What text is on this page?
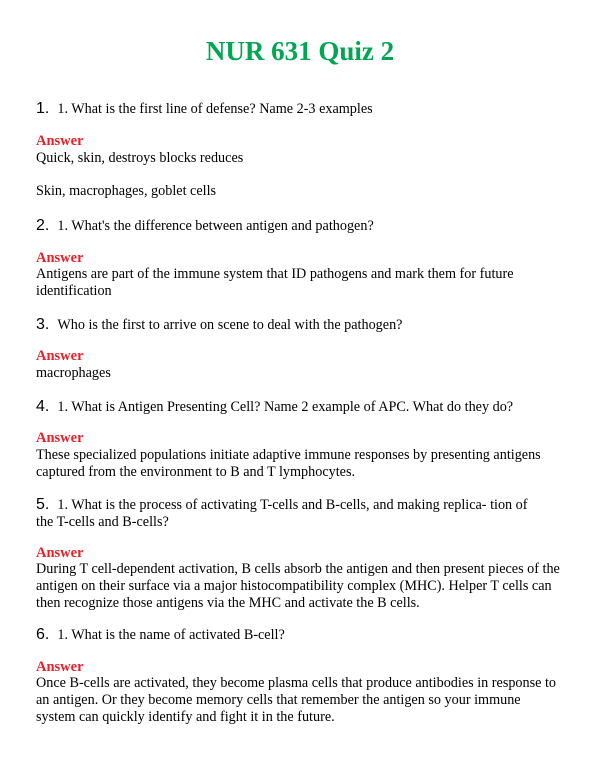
NUR 631 Quiz 2
1. 1. What is the first line of defense? Name 2-3 examples
Answer
Quick, skin, destroys blocks reduces
Skin, macrophages, goblet cells
2. 1. What's the difference between antigen and pathogen?
Answer
Antigens are part of the immune system that ID pathogens and mark them for future identification
3. Who is the first to arrive on scene to deal with the pathogen?
Answer
macrophages
4. 1. What is Antigen Presenting Cell? Name 2 example of APC. What do they do?
Answer
These specialized populations initiate adaptive immune responses by presenting antigens captured from the environment to B and T lymphocytes.
5. 1. What is the process of activating T-cells and B-cells, and making replica- tion of the T-cells and B-cells?
Answer
During T cell-dependent activation, B cells absorb the antigen and then present pieces of the antigen on their surface via a major histocompatibility complex (MHC). Helper T cells can then recognize those antigens via the MHC and activate the B cells.
6. 1. What is the name of activated B-cell?
Answer
Once B-cells are activated, they become plasma cells that produce antibodies in response to an antigen. Or they become memory cells that remember the antigen so your immune system can quickly identify and fight it in the future.
